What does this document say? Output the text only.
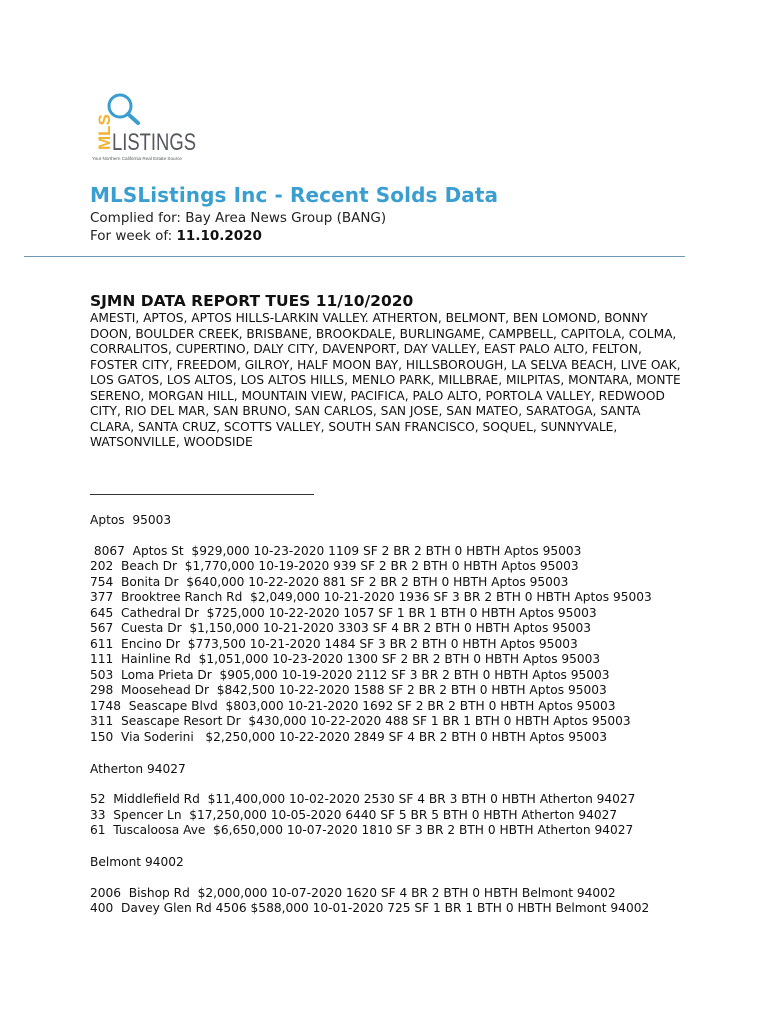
MLS
LISTINGS
Your Northern California Real Estate Source
MLSListings Inc - Recent Solds Data
Complied for: Bay Area News Group (BANG)
For week of: 11.10.2020
SJMN DATA REPORT TUES 11/10/2020
AMESTI, APTOS, APTOS HILLS-LARKIN VALLEY. ATHERTON, BELMONT, BEN LOMOND, BONNY DOON, BOULDER CREEK, BRISBANE, BROOKDALE, BURLINGAME, CAMPBELL, CAPITOLA, COLMA, CORRALITOS, CUPERTINO, DALY CITY, DAVENPORT, DAY VALLEY, EAST PALO ALTO, FELTON, FOSTER CITY, FREEDOM, GILROY, HALF MOON BAY, HILLSBOROUGH, LA SELVA BEACH, LIVE OAK, LOS GATOS, LOS ALTOS, LOS ALTOS HILLS, MENLO PARK, MILLBRAE, MILPITAS, MONTARA, MONTE SERENO, MORGAN HILL, MOUNTAIN VIEW, PACIFICA, PALO ALTO, PORTOLA VALLEY, REDWOOD CITY, RIO DEL MAR, SAN BRUNO, SAN CARLOS, SAN JOSE, SAN MATEO, SARATOGA, SANTA CLARA, SANTA CRUZ, SCOTTS VALLEY, SOUTH SAN FRANCISCO, SOQUEL, SUNNYVALE, WATSONVILLE, WOODSIDE
Aptos  95003
8067  Aptos St  $929,000 10-23-2020 1109 SF 2 BR 2 BTH 0 HBTH Aptos 95003
202  Beach Dr  $1,770,000 10-19-2020 939 SF 2 BR 2 BTH 0 HBTH Aptos 95003
754  Bonita Dr  $640,000 10-22-2020 881 SF 2 BR 2 BTH 0 HBTH Aptos 95003
377  Brooktree Ranch Rd  $2,049,000 10-21-2020 1936 SF 3 BR 2 BTH 0 HBTH Aptos 95003
645  Cathedral Dr  $725,000 10-22-2020 1057 SF 1 BR 1 BTH 0 HBTH Aptos 95003
567  Cuesta Dr  $1,150,000 10-21-2020 3303 SF 4 BR 2 BTH 0 HBTH Aptos 95003
611  Encino Dr  $773,500 10-21-2020 1484 SF 3 BR 2 BTH 0 HBTH Aptos 95003
111  Hainline Rd  $1,051,000 10-23-2020 1300 SF 2 BR 2 BTH 0 HBTH Aptos 95003
503  Loma Prieta Dr  $905,000 10-19-2020 2112 SF 3 BR 2 BTH 0 HBTH Aptos 95003
298  Moosehead Dr  $842,500 10-22-2020 1588 SF 2 BR 2 BTH 0 HBTH Aptos 95003
1748  Seascape Blvd  $803,000 10-21-2020 1692 SF 2 BR 2 BTH 0 HBTH Aptos 95003
311  Seascape Resort Dr  $430,000 10-22-2020 488 SF 1 BR 1 BTH 0 HBTH Aptos 95003
150  Via Soderini   $2,250,000 10-22-2020 2849 SF 4 BR 2 BTH 0 HBTH Aptos 95003
Atherton 94027
52  Middlefield Rd  $11,400,000 10-02-2020 2530 SF 4 BR 3 BTH 0 HBTH Atherton 94027
33  Spencer Ln  $17,250,000 10-05-2020 6440 SF 5 BR 5 BTH 0 HBTH Atherton 94027
61  Tuscaloosa Ave  $6,650,000 10-07-2020 1810 SF 3 BR 2 BTH 0 HBTH Atherton 94027
Belmont 94002
2006  Bishop Rd  $2,000,000 10-07-2020 1620 SF 4 BR 2 BTH 0 HBTH Belmont 94002
400  Davey Glen Rd 4506 $588,000 10-01-2020 725 SF 1 BR 1 BTH 0 HBTH Belmont 94002
